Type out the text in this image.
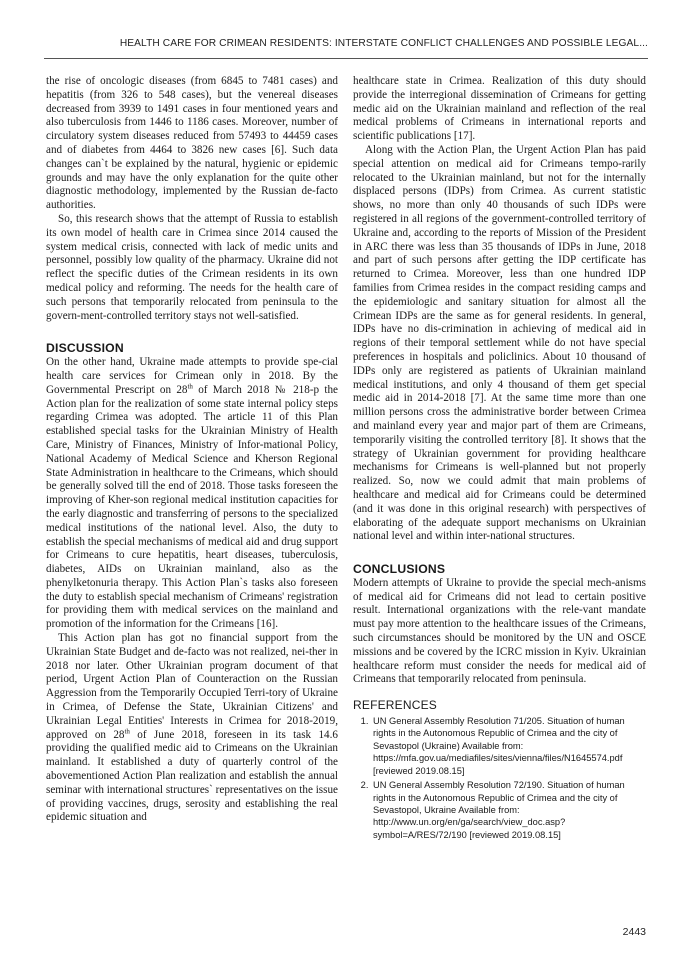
HEALTH CARE FOR CRIMEAN RESIDENTS: INTERSTATE CONFLICT CHALLENGES AND POSSIBLE LEGAL...

the rise of oncologic diseases (from 6845 to 7481 cases) and hepatitis (from 326 to 548 cases), but the venereal diseases decreased from 3939 to 1491 cases in four mentioned years and also tuberculosis from 1446 to 1186 cases. Moreover, number of circulatory system diseases reduced from 57493 to 44459 cases and of diabetes from 4464 to 3826 new cases [6]. Such data changes can`t be explained by the natural, hygienic or epidemic grounds and may have the only explanation for the quite other diagnostic methodology, implemented by the Russian de-facto authorities.

So, this research shows that the attempt of Russia to establish its own model of health care in Crimea since 2014 caused the system medical crisis, connected with lack of medic units and personnel, possibly low quality of the pharmacy. Ukraine did not reflect the specific duties of the Crimean residents in its own medical policy and reforming. The needs for the health care of such persons that temporarily relocated from peninsula to the govern-ment-controlled territory stays not well-satisfied.

DISCUSSION

On the other hand, Ukraine made attempts to provide spe-cial health care services for Crimean only in 2018. By the Governmental Prescript on 28th of March 2018 № 218-p the Action plan for the realization of some state internal policy steps regarding Crimea was adopted. The article 11 of this Plan established special tasks for the Ukrainian Ministry of Health Care, Ministry of Finances, Ministry of Infor-mational Policy, National Academy of Medical Science and Kherson Regional State Administration in healthcare to the Crimeans, which should be generally solved till the end of 2018. Those tasks foreseen the improving of Kher-son regional medical institution capacities for the early diagnostic and transferring of persons to the specialized medical institutions of the national level. Also, the duty to establish the special mechanisms of medical aid and drug support for Crimeans to cure hepatitis, heart diseases, tuberculosis, diabetes, AIDs on Ukrainian mainland, also as the phenylketonuria therapy. This Action Plan`s tasks also foreseen the duty to establish special mechanism of Crimeans' registration for providing them with medical services on the mainland and promotion of the information for the Crimeans [16].

This Action plan has got no financial support from the Ukrainian State Budget and de-facto was not realized, nei-ther in 2018 nor later. Other Ukrainian program document of that period, Urgent Action Plan of Counteraction on the Russian Aggression from the Temporarily Occupied Terri-tory of Ukraine in Crimea, of Defense the State, Ukrainian Citizens' and Ukrainian Legal Entities' Interests in Crimea for 2018-2019, approved on 28th of June 2018, foreseen in its task 14.6 providing the qualified medic aid to Crimeans on the Ukrainian mainland. It established a duty of quarterly control of the abovementioned Action Plan realization and establish the annual seminar with international structures` representatives on the issue of providing vaccines, drugs, serosity and establishing the real epidemic situation and

healthcare state in Crimea. Realization of this duty should provide the interregional dissemination of Crimeans for getting medic aid on the Ukrainian mainland and reflection of the real medical problems of Crimeans in international reports and scientific publications [17].

Along with the Action Plan, the Urgent Action Plan has paid special attention on medical aid for Crimeans tempo-rarily relocated to the Ukrainian mainland, but not for the internally displaced persons (IDPs) from Crimea. As current statistic shows, no more than only 40 thousands of such IDPs were registered in all regions of the government-controlled territory of Ukraine and, according to the reports of Mission of the President in ARC there was less than 35 thousands of IDPs in June, 2018 and part of such persons after getting the IDP certificate has returned to Crimea. Moreover, less than one hundred IDP families from Crimea resides in the compact residing camps and the epidemiologic and sanitary situation for almost all the Crimean IDPs are the same as for general residents. In general, IDPs have no dis-crimination in achieving of medical aid in regions of their temporal settlement while do not have special preferences in hospitals and policlinics. About 10 thousand of IDPs only are registered as patients of Ukrainian mainland medical institutions, and only 4 thousand of them get special medic aid in 2014-2018 [7]. At the same time more than one million persons cross the administrative border between Crimea and mainland every year and major part of them are Crimeans, temporarily visiting the controlled territory [8]. It shows that the strategy of Ukrainian government for providing healthcare mechanisms for Crimeans is well-planned but not properly realized. So, now we could admit that main problems of healthcare and medical aid for Crimeans could be determined (and it was done in this original research) with perspectives of elaborating of the adequate support mechanisms on Ukrainian national level and within inter-national structures.

CONCLUSIONS

Modern attempts of Ukraine to provide the special mech-anisms of medical aid for Crimeans did not lead to certain positive result. International organizations with the rele-vant mandate must pay more attention to the healthcare issues of the Crimeans, such circumstances should be monitored by the UN and OSCE missions and be covered by the ICRC mission in Kyiv. Ukrainian healthcare reform must consider the needs for medical aid of Crimeans that temporarily relocated from peninsula.

REFERENCES
1. UN General Assembly Resolution 71/205. Situation of human rights in the Autonomous Republic of Crimea and the city of Sevastopol (Ukraine) Available from: https://mfa.gov.ua/mediafiles/sites/vienna/files/N1645574.pdf [reviewed 2019.08.15]
2. UN General Assembly Resolution 72/190. Situation of human rights in the Autonomous Republic of Crimea and the city of Sevastopol, Ukraine Available from: http://www.un.org/en/ga/search/view_doc.asp?symbol=A/RES/72/190 [reviewed 2019.08.15]
2443
